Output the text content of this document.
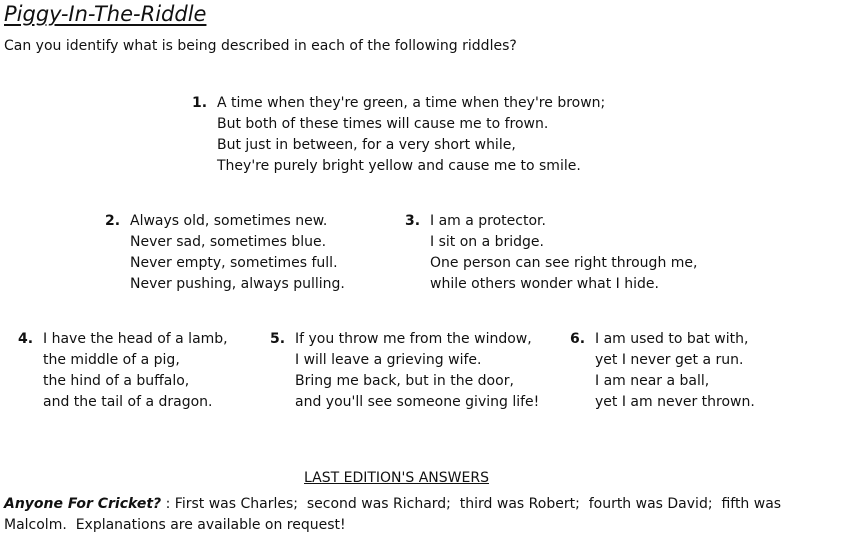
Piggy-In-The-Riddle
Can you identify what is being described in each of the following riddles?
1. A time when they're green, a time when they're brown;
But both of these times will cause me to frown.
But just in between, for a very short while,
They're purely bright yellow and cause me to smile.
2. Always old, sometimes new.
Never sad, sometimes blue.
Never empty, sometimes full.
Never pushing, always pulling.
3. I am a protector.
I sit on a bridge.
One person can see right through me,
while others wonder what I hide.
4. I have the head of a lamb,
the middle of a pig,
the hind of a buffalo,
and the tail of a dragon.
5. If you throw me from the window,
I will leave a grieving wife.
Bring me back, but in the door,
and you'll see someone giving life!
6. I am used to bat with,
yet I never get a run.
I am near a ball,
yet I am never thrown.
LAST EDITION'S ANSWERS
Anyone For Cricket? : First was Charles;  second was Richard;  third was Robert;  fourth was David;  fifth was Malcolm.  Explanations are available on request!
